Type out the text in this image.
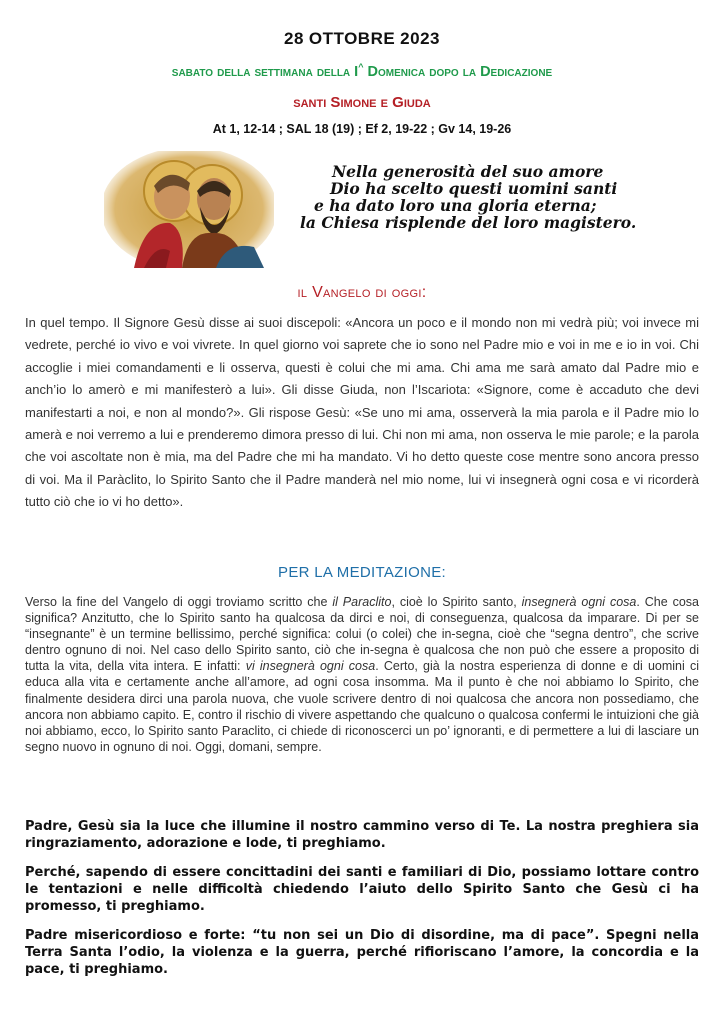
28 OTTOBRE 2023
sabato della settimana della I^ Domenica dopo la Dedicazione
santi Simone e Giuda
At 1, 12-14 ; SAL 18 (19) ; Ef 2, 19-22 ; Gv 14, 19-26
Nella generosità del suo amore
Dio ha scelto questi uomini santi
e ha dato loro una gloria eterna;
la Chiesa risplende del loro magistero.
il Vangelo di oggi:
In quel tempo. Il Signore Gesù disse ai suoi discepoli: «Ancora un poco e il mondo non mi vedrà più; voi invece mi vedrete, perché io vivo e voi vivrete. In quel giorno voi saprete che io sono nel Padre mio e voi in me e io in voi. Chi accoglie i miei comandamenti e li osserva, questi è colui che mi ama. Chi ama me sarà amato dal Padre mio e anch’io lo amerò e mi manifesterò a lui». Gli disse Giuda, non l’Iscariota: «Signore, come è accaduto che devi manifestarti a noi, e non al mondo?». Gli rispose Gesù: «Se uno mi ama, osserverà la mia parola e il Padre mio lo amerà e noi verremo a lui e prenderemo dimora presso di lui. Chi non mi ama, non osserva le mie parole; e la parola che voi ascoltate non è mia, ma del Padre che mi ha mandato. Vi ho detto queste cose mentre sono ancora presso di voi. Ma il Paràclito, lo Spirito Santo che il Padre manderà nel mio nome, lui vi insegnerà ogni cosa e vi ricorderà tutto ciò che io vi ho detto».
PER LA MEDITAZIONE:
Verso la fine del Vangelo di oggi troviamo scritto che il Paraclito, cioè lo Spirito santo, insegnerà ogni cosa. Che cosa significa? Anzitutto, che lo Spirito santo ha qualcosa da dirci e noi, di conseguenza, qualcosa da imparare. Di per se “insegnante” è un termine bellissimo, perché significa: colui (o colei) che in-segna, cioè che “segna dentro”, che scrive dentro ognuno di noi. Nel caso dello Spirito santo, ciò che in-segna è qualcosa che non può che essere a proposito di tutta la vita, della vita intera. E infatti: vi insegnerà ogni cosa. Certo, già la nostra esperienza di donne e di uomini ci educa alla vita e certamente anche all’amore, ad ogni cosa insomma. Ma il punto è che noi abbiamo lo Spirito, che finalmente desidera dirci una parola nuova, che vuole scrivere dentro di noi qualcosa che ancora non possediamo, che ancora non abbiamo capito. E, contro il rischio di vivere aspettando che qualcuno o qualcosa confermi le intuizioni che già noi abbiamo, ecco, lo Spirito santo Paraclito, ci chiede di riconoscerci un po’ ignoranti, e di permettere a lui di lasciare un segno nuovo in ognuno di noi. Oggi, domani, sempre.

Padre, Gesù sia la luce che illumine il nostro cammino verso di Te. La nostra preghiera sia ringraziamento, adorazione e lode, ti preghiamo.

Perché, sapendo di essere concittadini dei santi e familiari di Dio, possiamo lottare contro le tentazioni e nelle difficoltà chiedendo l’aiuto dello Spirito Santo che Gesù ci ha promesso, ti preghiamo.

Padre misericordioso e forte: “tu non sei un Dio di disordine, ma di pace”. Spegni nella Terra Santa l’odio, la violenza e la guerra, perché rifioriscano l’amore, la concordia e la pace, ti preghiamo.
